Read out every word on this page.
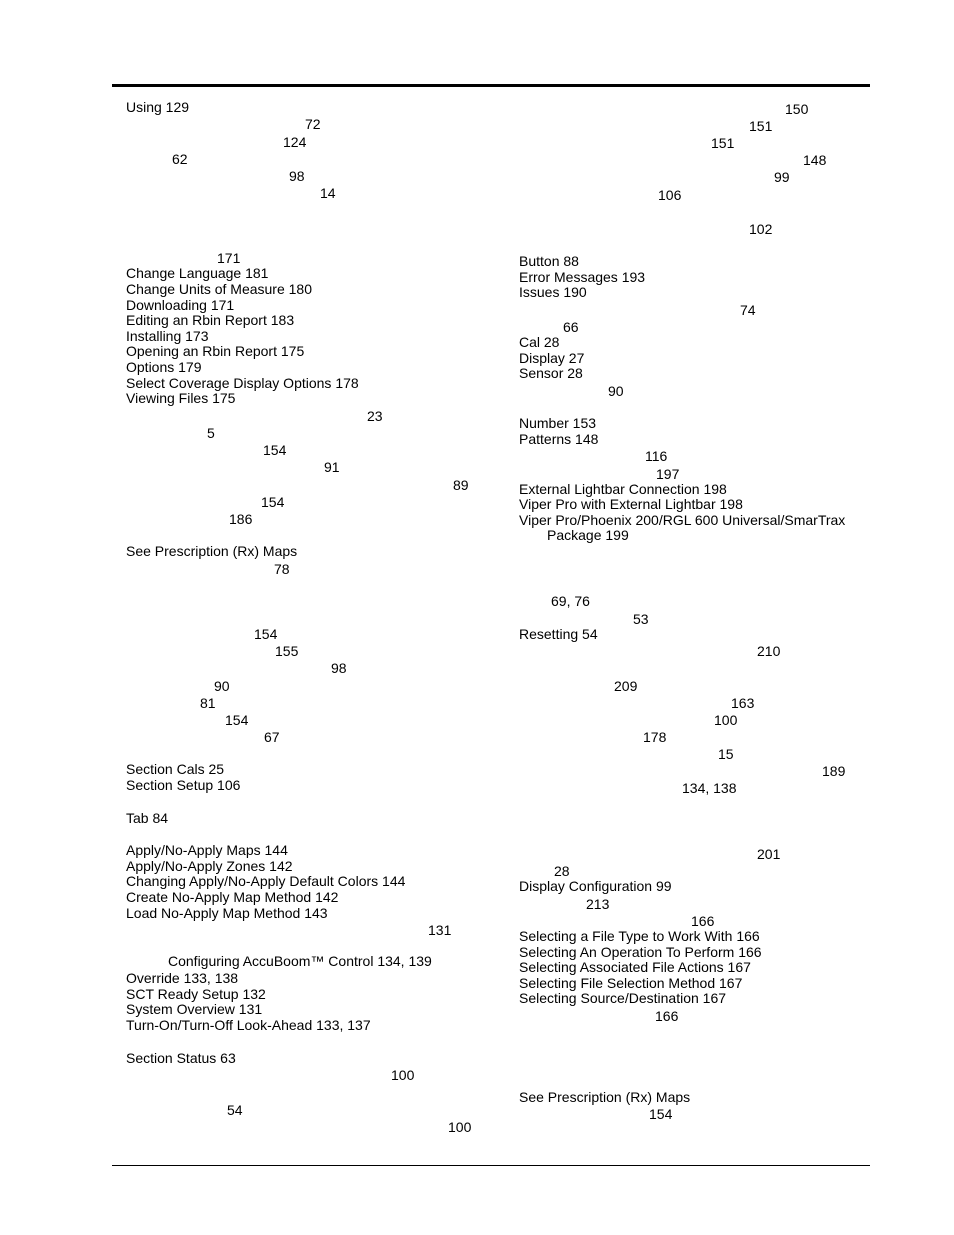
Using 129
72
124
62
98
14
171
Change Language 181
Change Units of Measure 180
Downloading 171
Editing an Rbin Report 183
Installing 173
Opening an Rbin Report 175
Options 179
Select Coverage Display Options 178
Viewing Files 175
23
5
154
91
89
154
186
See Prescription (Rx) Maps
78
154
155
98
90
81
154
67
Section Cals 25
Section Setup 106
Tab 84
Apply/No-Apply Maps 144
Apply/No-Apply Zones 142
Changing Apply/No-Apply Default Colors 144
Create No-Apply Map Method 142
Load No-Apply Map Method 143
131
Configuring AccuBoom™ Control 134, 139
Override 133, 138
SCT Ready Setup 132
System Overview 131
Turn-On/Turn-Off Look-Ahead 133, 137
Section Status 63
100
54
100
150
151
151
148
99
106
102
Button 88
Error Messages 193
Issues 190
74
66
Cal 28
Display 27
Sensor 28
90
Number 153
Patterns 148
116
197
External Lightbar Connection 198
Viper Pro with External Lightbar 198
Viper Pro/Phoenix 200/RGL 600 Universal/SmarTrax
Package 199
69, 76
53
Resetting 54
210
209
163
100
178
15
189
134, 138
201
28
Display Configuration 99
213
166
Selecting a File Type to Work With 166
Selecting An Operation To Perform 166
Selecting Associated File Actions 167
Selecting File Selection Method 167
Selecting Source/Destination 167
166
See Prescription (Rx) Maps
154
